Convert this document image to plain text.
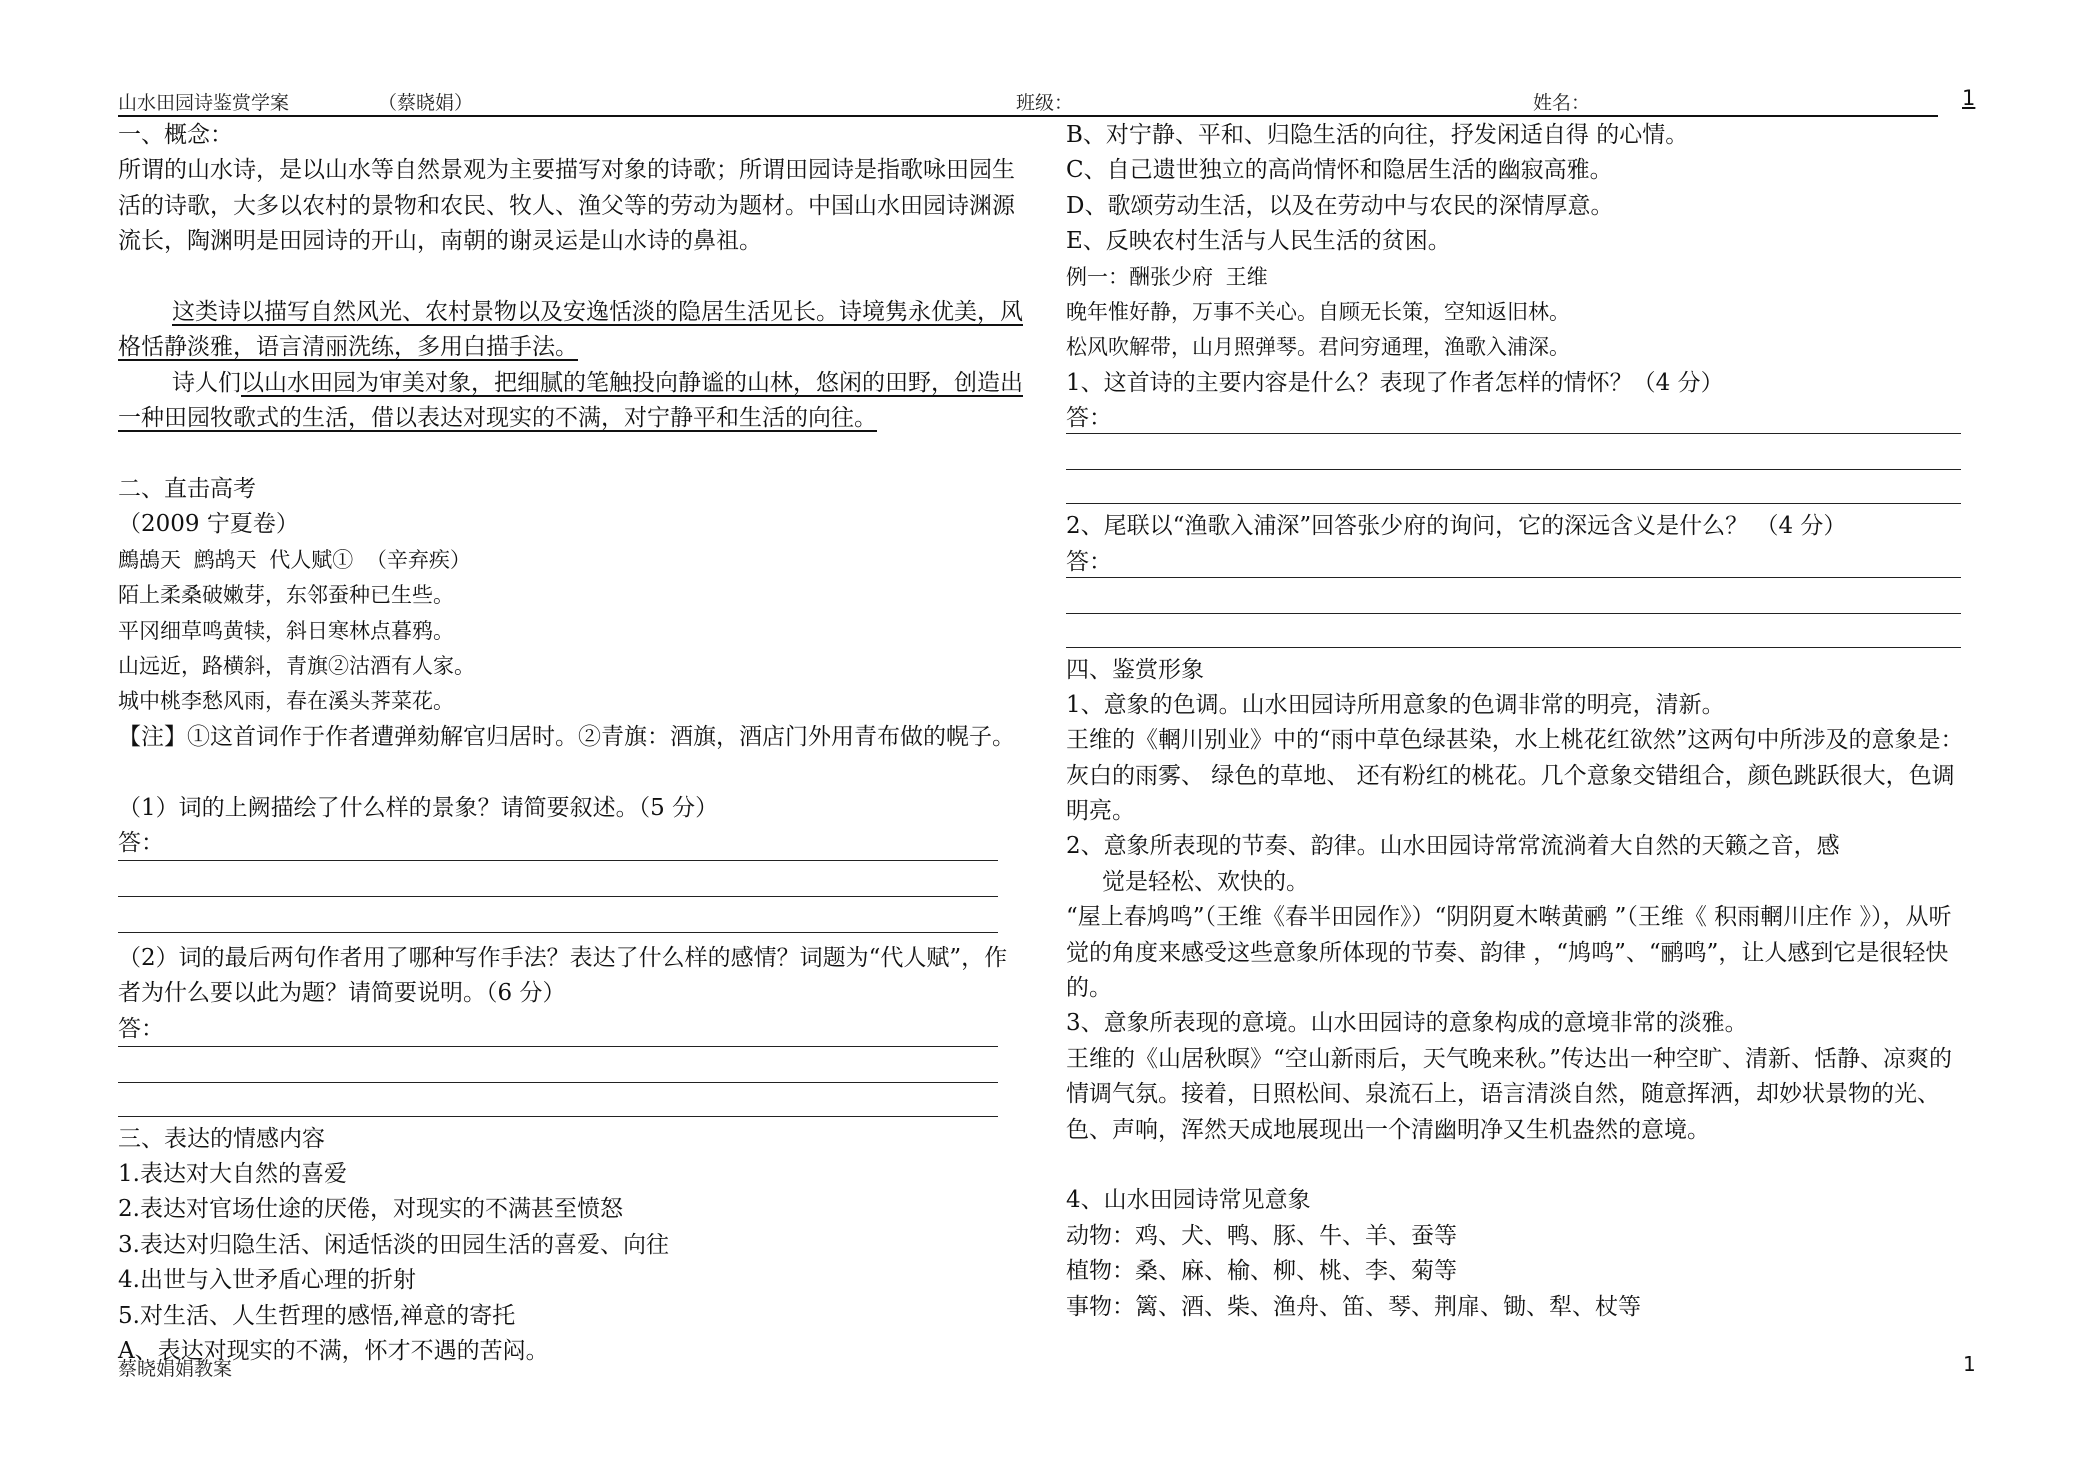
山水田园诗鉴赏学案	（蔡晓娟）	班级：	姓名：	1
一、概念：
所谓的山水诗，是以山水等自然景观为主要描写对象的诗歌；所谓田园诗是指歌咏田园生活的诗歌，大多以农村的景物和农民、牧人、渔父等的劳动为题材。中国山水田园诗渊源流长，陶渊明是田园诗的开山，南朝的谢灵运是山水诗的鼻祖。
这类诗以描写自然风光、农村景物以及安逸恬淡的隐居生活见长。诗境隽永优美，风格恬静淡雅，语言清丽洗练，多用白描手法。
诗人们以山水田园为审美对象，把细腻的笔触投向静谧的山林，悠闲的田野，创造出一种田园牧歌式的生活，借以表达对现实的不满，对宁静平和生活的向往。
二、直击高考
（2009 宁夏卷）
鷓鴣天 鹧鸪天 代人赋① （辛弃疾）
陌上柔桑破嫩芽，东邻蚕种已生些。
平冈细草鸣黄犊，斜日寒林点暮鸦。
山远近，路横斜，青旗②沽酒有人家。
城中桃李愁风雨，春在溪头荠菜花。
【注】①这首词作于作者遭弹劾解官归居时。②青旗：酒旗，酒店门外用青布做的幌子。
（1）词的上阙描绘了什么样的景象？请简要叙述。（5 分）
答：
（2）词的最后两句作者用了哪种写作手法？表达了什么样的感情？词题为“代人赋”，作者为什么要以此为题？请简要说明。（6 分）
答：
三、表达的情感内容
1.表达对大自然的喜爱
2.表达对官场仕途的厌倦，对现实的不满甚至愤怒
3.表达对归隐生活、闲适恬淡的田园生活的喜爱、向往
4.出世与入世矛盾心理的折射
5.对生活、人生哲理的感悟,禅意的寄托
A、表达对现实的不满，怀才不遇的苦闷。
B、对宁静、平和、归隐生活的向往，抒发闲适自得 的心情。
C、自己遗世独立的高尚情怀和隐居生活的幽寂高雅。
D、歌颂劳动生活，以及在劳动中与农民的深情厚意。
E、反映农村生活与人民生活的贫困。
例一：酬张少府 王维
晚年惟好静，万事不关心。自顾无长策，空知返旧林。
松风吹解带，山月照弹琴。君问穷通理，渔歌入浦深。
1、这首诗的主要内容是什么？表现了作者怎样的情怀？（4 分）
答：
2、尾联以“渔歌入浦深”回答张少府的询问，它的深远含义是什么？ （4 分）
答：
四、鉴赏形象
1、意象的色调。山水田园诗所用意象的色调非常的明亮，清新。
王维的《輞川别业》中的“雨中草色绿甚染，水上桃花红欲然”这两句中所涉及的意象是：灰白的雨雾、 绿色的草地、 还有粉红的桃花。几个意象交错组合，颜色跳跃很大，色调明亮。
2、意象所表现的节奏、韵律。山水田园诗常常流淌着大自然的天籁之音，感
觉是轻松、欢快的。
“屋上春鸠鸣”（王维《春半田园作》）“阴阴夏木啭黄鹂 ”（王维《 积雨輞川庄作 》），从听觉的角度来感受这些意象所体现的节奏、韵律 ，“鸠鸣”、“鹂鸣”，让人感到它是很轻快的。
3、意象所表现的意境。山水田园诗的意象构成的意境非常的淡雅。
王维的《山居秋暝》“空山新雨后，天气晚来秋。”传达出一种空旷、清新、恬静、凉爽的情调气氛。接着，日照松间、泉流石上，语言清淡自然，随意挥洒，却妙状景物的光、色、声响，浑然天成地展现出一个清幽明净又生机盎然的意境。
4、山水田园诗常见意象
动物：鸡、犬、鸭、豚、牛、羊、蚕等
植物：桑、麻、榆、柳、桃、李、菊等
事物：篱、酒、柴、渔舟、笛、琴、荆扉、锄、犁、杖等
蔡晓娟娟教案	1
